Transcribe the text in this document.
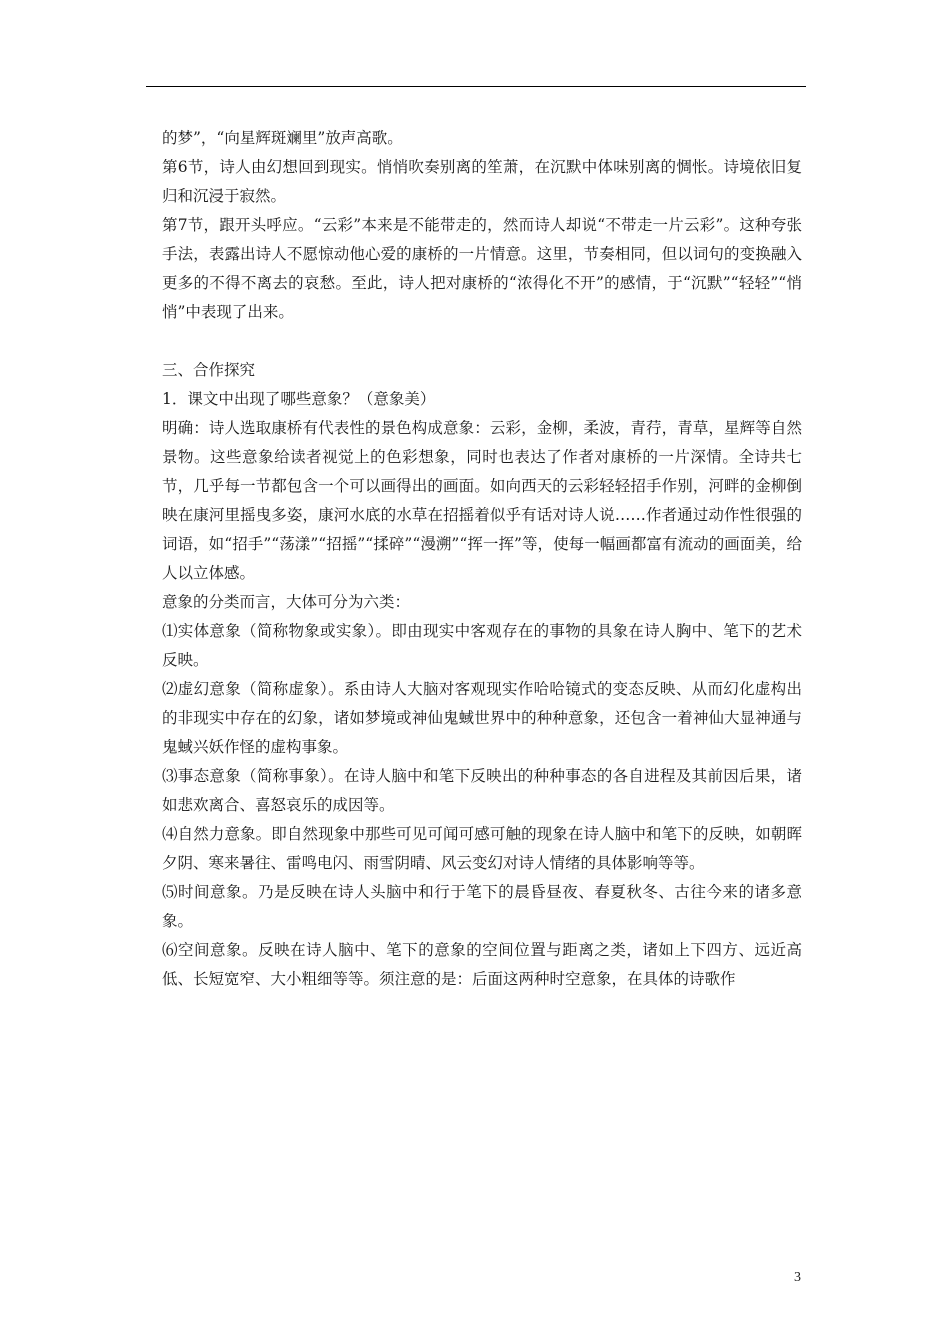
的梦”，“向星辉斑斓里”放声高歌。

第6节，诗人由幻想回到现实。悄悄吹奏别离的笙萧，在沉默中体味别离的惆怅。诗境依旧复归和沉浸于寂然。

第7节，跟开头呼应。“云彩”本来是不能带走的，然而诗人却说“不带走一片云彩”。这种夸张手法，表露出诗人不愿惊动他心爱的康桥的一片情意。这里，节奏相同，但以词句的变换融入更多的不得不离去的哀愁。至此，诗人把对康桥的“浓得化不开”的感情，于“沉默”“轻轻”“悄悄”中表现了出来。

三、合作探究

1．课文中出现了哪些意象？（意象美）

明确：诗人选取康桥有代表性的景色构成意象：云彩，金柳，柔波，青荇，青草，星辉等自然景物。这些意象给读者视觉上的色彩想象，同时也表达了作者对康桥的一片深情。全诗共七节，几乎每一节都包含一个可以画得出的画面。如向西天的云彩轻轻招手作别，河畔的金柳倒映在康河里摇曳多姿，康河水底的水草在招摇着似乎有话对诗人说……作者通过动作性很强的词语，如“招手”“荡漾”“招摇”“揉碎”“漫溯”“挥一挥”等，使每一幅画都富有流动的画面美，给人以立体感。

意象的分类而言，大体可分为六类：

⑴实体意象（简称物象或实象）。即由现实中客观存在的事物的具象在诗人胸中、笔下的艺术反映。

⑵虚幻意象（简称虚象）。系由诗人大脑对客观现实作哈哈镜式的变态反映、从而幻化虚构出的非现实中存在的幻象，诸如梦境或神仙鬼蜮世界中的种种意象，还包含一着神仙大显神通与鬼蜮兴妖作怪的虚构事象。

⑶事态意象（简称事象）。在诗人脑中和笔下反映出的种种事态的各自进程及其前因后果，诸如悲欢离合、喜怒哀乐的成因等。

⑷自然力意象。即自然现象中那些可见可闻可感可触的现象在诗人脑中和笔下的反映，如朝晖夕阴、寒来暑往、雷鸣电闪、雨雪阴晴、风云变幻对诗人情绪的具体影响等等。

⑸时间意象。乃是反映在诗人头脑中和行于笔下的晨昏昼夜、春夏秋冬、古往今来的诸多意象。

⑹空间意象。反映在诗人脑中、笔下的意象的空间位置与距离之类，诸如上下四方、远近高低、长短宽窄、大小粗细等等。须注意的是：后面这两种时空意象，在具体的诗歌作

3
